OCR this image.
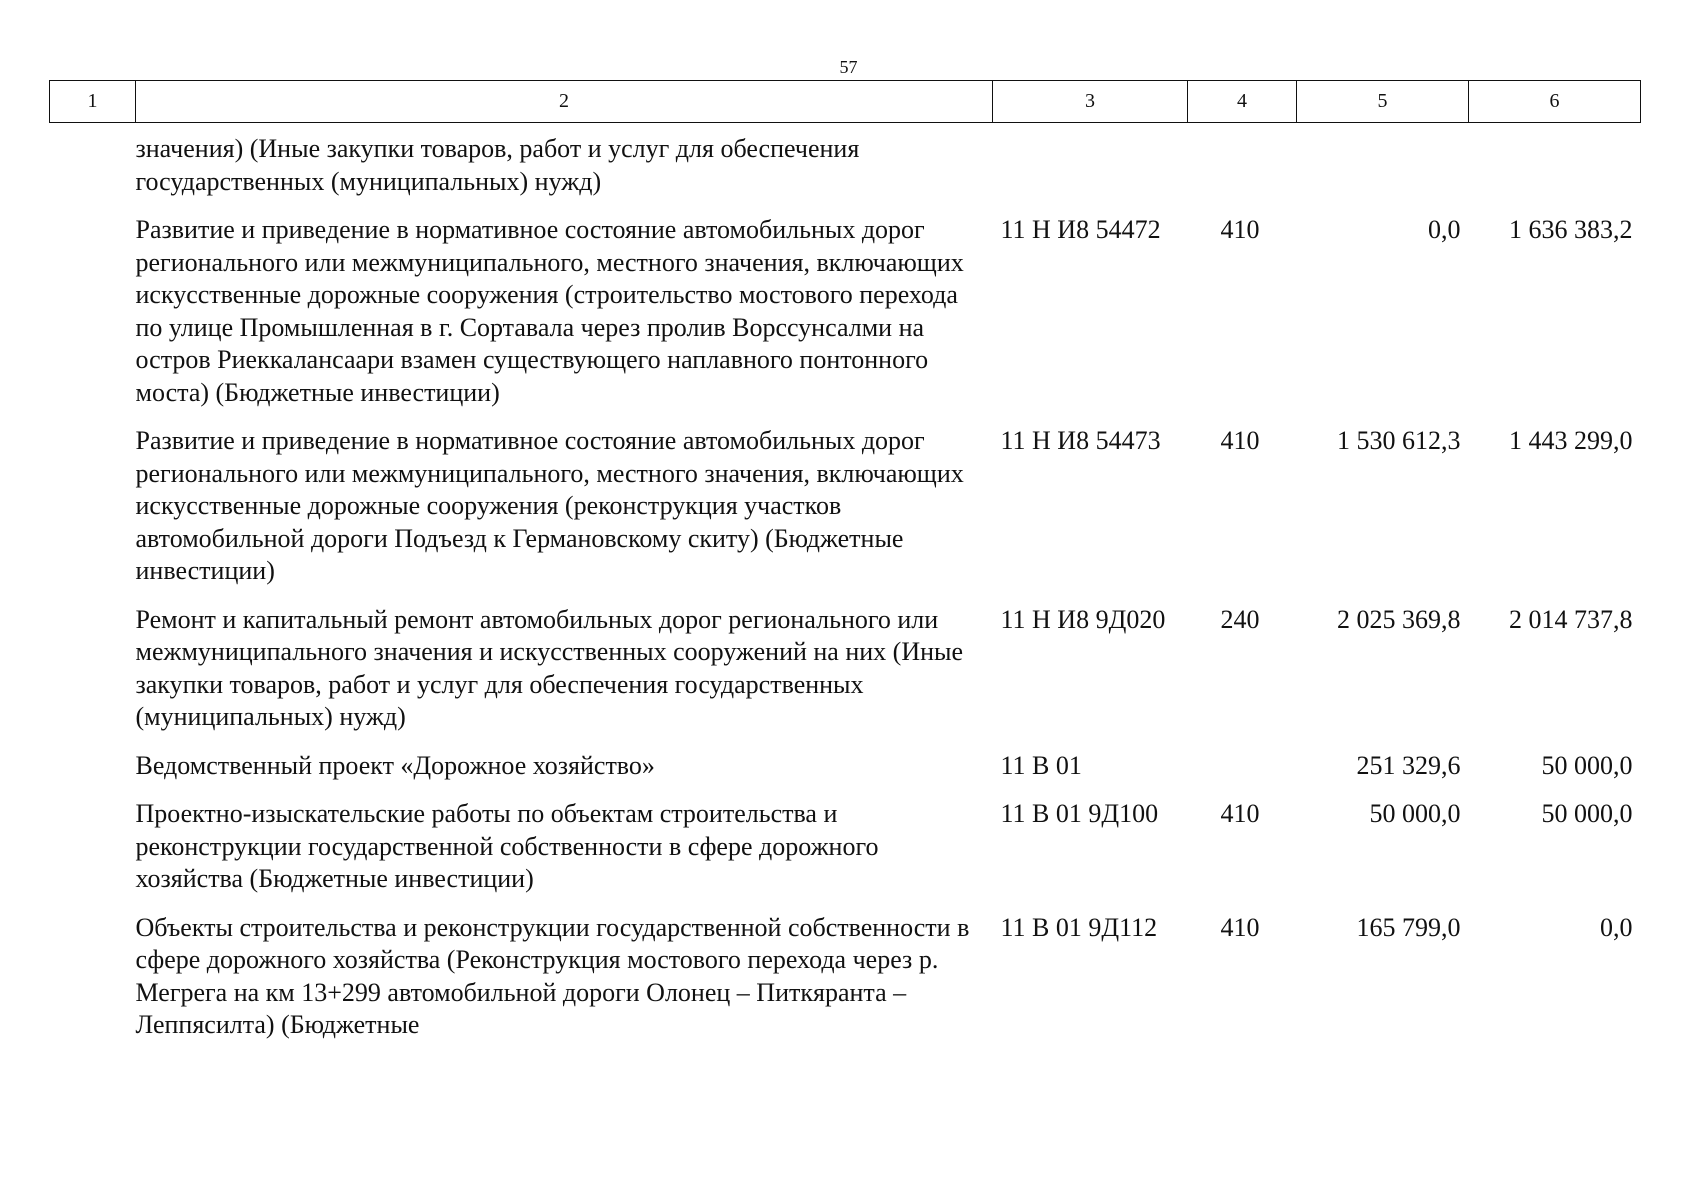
57
1	2	3	4	5	6
	значения) (Иные закупки товаров, работ и услуг для обеспечения государственных (муниципальных) нужд)				
	Развитие и приведение в нормативное состояние автомобильных дорог регионального или межмуниципального, местного значения, включающих искусственные дорожные сооружения (строительство мостового перехода по улице Промышленная в г. Сортавала через пролив Ворссунсалми на остров Риеккалансаари взамен существующего наплавного понтонного моста) (Бюджетные инвестиции)	11 Н И8 54472	410	0,0	1 636 383,2
	Развитие и приведение в нормативное состояние автомобильных дорог регионального или межмуниципального, местного значения, включающих искусственные дорожные сооружения (реконструкция участков автомобильной дороги Подъезд к Германовскому скиту) (Бюджетные инвестиции)	11 Н И8 54473	410	1 530 612,3	1 443 299,0
	Ремонт и капитальный ремонт автомобильных дорог регионального или межмуниципального значения и искусственных сооружений на них (Иные закупки товаров, работ и услуг для обеспечения государственных (муниципальных) нужд)	11 Н И8 9Д020	240	2 025 369,8	2 014 737,8
	Ведомственный проект «Дорожное хозяйство»	11 В 01		251 329,6	50 000,0
	Проектно-изыскательские работы по объектам строительства и реконструкции государственной собственности в сфере дорожного хозяйства (Бюджетные инвестиции)	11 В 01 9Д100	410	50 000,0	50 000,0
	Объекты строительства и реконструкции государственной собственности в сфере дорожного хозяйства (Реконструкция мостового перехода через р. Мегрега на км 13+299 автомобильной дороги Олонец – Питкяранта – Леппясилта) (Бюджетные	11 В 01 9Д112	410	165 799,0	0,0
